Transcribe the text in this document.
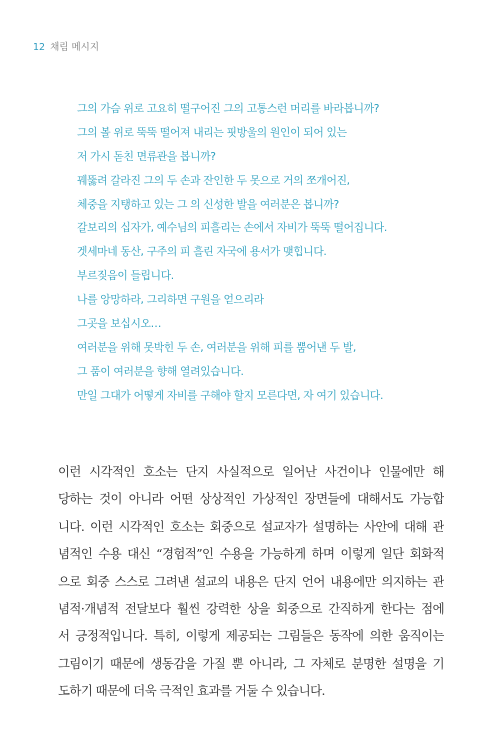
12 채림 메시지
그의 가슴 위로 고요히 떨구어진 그의 고통스런 머리를 바라봅니까?
그의 볼 위로 뚝뚝 떨어져 내리는 핏방울의 원인이 되어 있는
저 가시 돋친 면류관을 봅니까?
꿰뚫려 갈라진 그의 두 손과 잔인한 두 못으로 거의 쪼개어진,
체중을 지탱하고 있는 그 의 신성한 발을 여러분은 봅니까?
갈보리의 십자가, 예수님의 피흘리는 손에서 자비가 뚝뚝 떨어집니다.
겟세마네 동산, 구주의 피 흘린 자국에 용서가 맺힙니다.
부르짖음이 들립니다.
나를 앙망하라, 그리하면 구원을 얻으리라
그곳을 보십시오…
여러분을 위해 못박힌 두 손, 여러분을 위해 피를 뿜어낸 두 발,
그 품이 여러분을 향해 열려있습니다.
만일 그대가 어떻게 자비를 구해야 할지 모른다면, 자 여기 있습니다.
이런 시각적인 호소는 단지 사실적으로 일어난 사건이나 인물에만 해
당하는 것이 아니라 어떤 상상적인 가상적인 장면들에 대해서도 가능합
니다. 이런 시각적인 호소는 회중으로 설교자가 설명하는 사안에 대해 관
념적인 수용 대신 “경험적”인 수용을 가능하게 하며 이렇게 일단 회화적
으로 회중 스스로 그려낸 설교의 내용은 단지 언어 내용에만 의지하는 관
념적·개념적 전달보다 훨씬 강력한 상을 회중으로 간직하게 한다는 점에
서 긍정적입니다. 특히, 이렇게 제공되는 그림들은 동작에 의한 움직이는
그림이기 때문에 생동감을 가질 뿐 아니라, 그 자체로 분명한 설명을 기
도하기 때문에 더욱 극적인 효과를 거둘 수 있습니다.
